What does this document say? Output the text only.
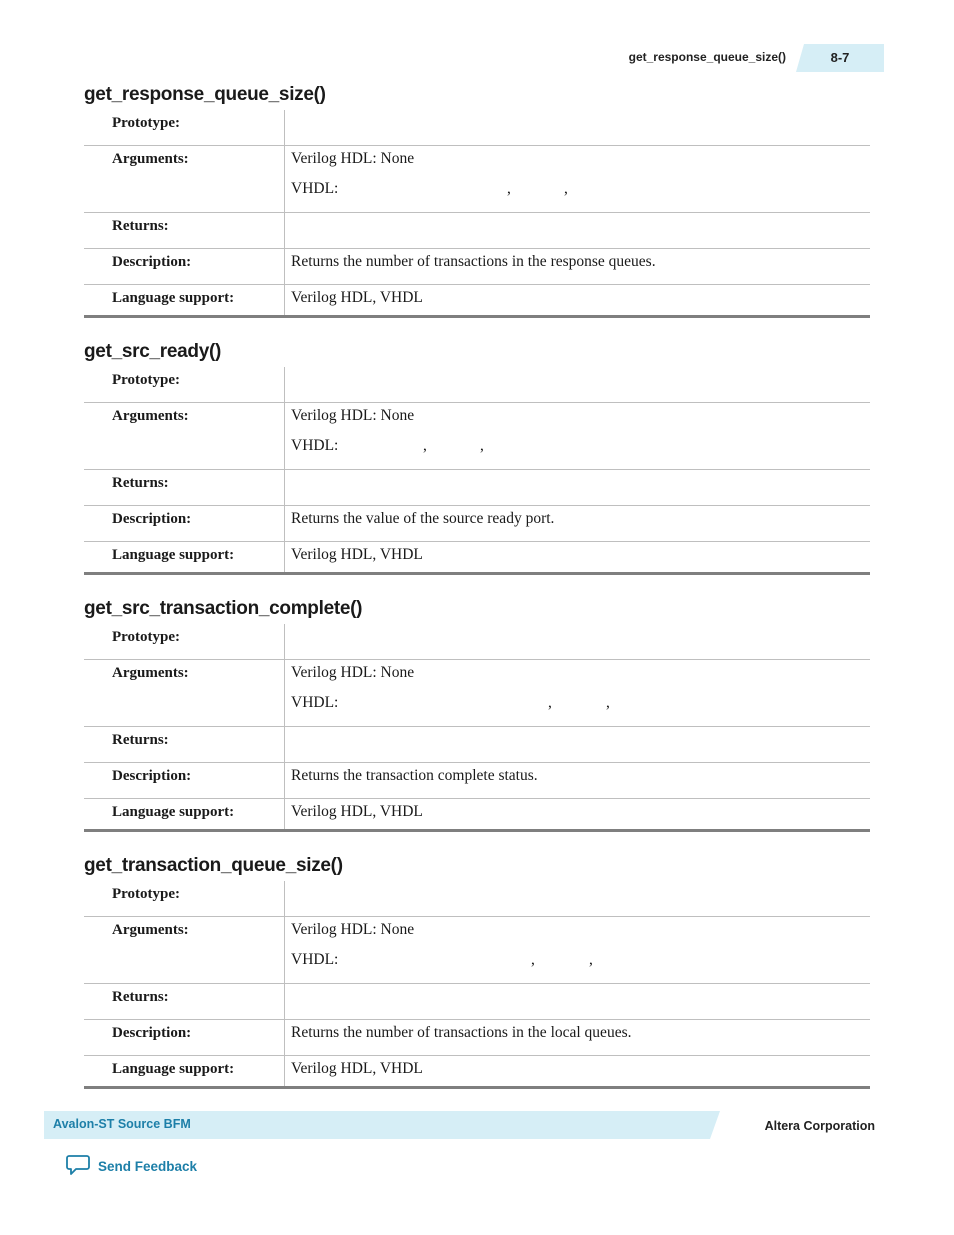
get_response_queue_size()	8-7
get_response_queue_size()
Prototype:
Arguments:	Verilog HDL: None
VHDL:	,	,
Returns:
Description:	Returns the number of transactions in the response queues.
Language support:	Verilog HDL, VHDL
get_src_ready()
Prototype:
Arguments:	Verilog HDL: None
VHDL:	,	,
Returns:
Description:	Returns the value of the source ready port.
Language support:	Verilog HDL, VHDL
get_src_transaction_complete()
Prototype:
Arguments:	Verilog HDL: None
VHDL:	,	,
Returns:
Description:	Returns the transaction complete status.
Language support:	Verilog HDL, VHDL
get_transaction_queue_size()
Prototype:
Arguments:	Verilog HDL: None
VHDL:	,	,
Returns:
Description:	Returns the number of transactions in the local queues.
Language support:	Verilog HDL, VHDL
Avalon-ST Source BFM	Altera Corporation
Send Feedback
